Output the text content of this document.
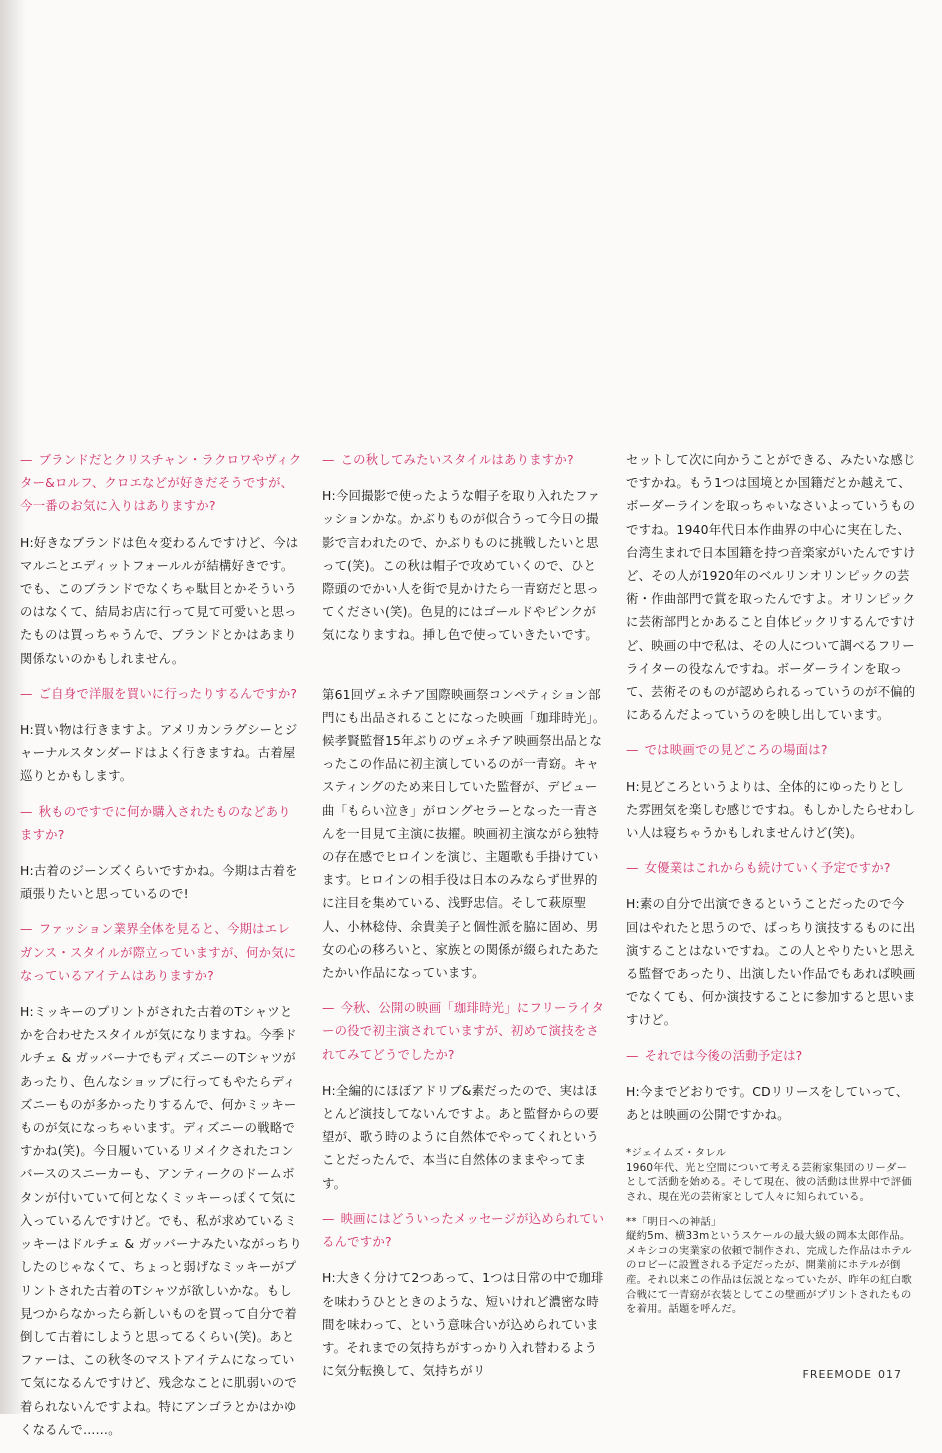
— ブランドだとクリスチャン・ラクロワやヴィクター&ロルフ、クロエなどが好きだそうですが、今一番のお気に入りはありますか?

H:好きなブランドは色々変わるんですけど、今はマルニとエディットフォールルが結構好きです。でも、このブランドでなくちゃ駄目とかそういうのはなくて、結局お店に行って見て可愛いと思ったものは買っちゃうんで、ブランドとかはあまり関係ないのかもしれません。

— ご自身で洋服を買いに行ったりするんですか?

H:買い物は行きますよ。アメリカンラグシーとジャーナルスタンダードはよく行きますね。古着屋巡りとかもします。

— 秋ものですでに何か購入されたものなどありますか?

H:古着のジーンズくらいですかね。今期は古着を頑張りたいと思っているので!

— ファッション業界全体を見ると、今期はエレガンス・スタイルが際立っていますが、何か気になっているアイテムはありますか?

H:ミッキーのプリントがされた古着のTシャツとかを合わせたスタイルが気になりますね。今季ドルチェ & ガッバーナでもディズニーのTシャツがあったり、色んなショップに行ってもやたらディズニーものが多かったりするんで、何かミッキーものが気になっちゃいます。ディズニーの戦略ですかね(笑)。今日履いているリメイクされたコンバースのスニーカーも、アンティークのドームボタンが付いていて何となくミッキーっぽくて気に入っているんですけど。でも、私が求めているミッキーはドルチェ & ガッバーナみたいながっちりしたのじゃなくて、ちょっと弱げなミッキーがプリントされた古着のTシャツが欲しいかな。もし見つからなかったら新しいものを買って自分で着倒して古着にしようと思ってるくらい(笑)。あとファーは、この秋冬のマストアイテムになっていて気になるんですけど、残念なことに肌弱いので着られないんですよね。特にアンゴラとかはかゆくなるんで……。

— この秋してみたいスタイルはありますか?

H:今回撮影で使ったような帽子を取り入れたファッションかな。かぶりものが似合うって今日の撮影で言われたので、かぶりものに挑戦したいと思って(笑)。この秋は帽子で攻めていくので、ひと際頭のでかい人を街で見かけたら一青窈だと思ってください(笑)。色見的にはゴールドやピンクが気になりますね。挿し色で使っていきたいです。

第61回ヴェネチア国際映画祭コンペティション部門にも出品されることになった映画「珈琲時光」。候孝賢監督15年ぶりのヴェネチア映画祭出品となったこの作品に初主演しているのが一青窈。キャスティングのため来日していた監督が、デビュー曲「もらい泣き」がロングセラーとなった一青さんを一目見て主演に抜擢。映画初主演ながら独特の存在感でヒロインを演じ、主題歌も手掛けています。ヒロインの相手役は日本のみならず世界的に注目を集めている、浅野忠信。そして萩原聖人、小林稔侍、余貴美子と個性派を脇に固め、男女の心の移ろいと、家族との関係が綴られたあたたかい作品になっています。

— 今秋、公開の映画「珈琲時光」にフリーライターの役で初主演されていますが、初めて演技をされてみてどうでしたか?

H:全編的にほぼアドリブ&素だったので、実はほとんど演技してないんですよ。あと監督からの要望が、歌う時のように自然体でやってくれということだったんで、本当に自然体のままやってます。

— 映画にはどういったメッセージが込められているんですか?

H:大きく分けて2つあって、1つは日常の中で珈琲を味わうひとときのような、短いけれど濃密な時間を味わって、という意味合いが込められています。それまでの気持ちがすっかり入れ替わるように気分転換して、気持ちがリ

セットして次に向かうことができる、みたいな感じですかね。もう1つは国境とか国籍だとか越えて、ボーダーラインを取っちゃいなさいよっていうものですね。1940年代日本作曲界の中心に実在した、台湾生まれで日本国籍を持つ音楽家がいたんですけど、その人が1920年のベルリンオリンピックの芸術・作曲部門で賞を取ったんですよ。オリンピックに芸術部門とかあること自体ビックリするんですけど、映画の中で私は、その人について調べるフリーライターの役なんですね。ボーダーラインを取って、芸術そのものが認められるっていうのが不偏的にあるんだよっていうのを映し出しています。

— では映画での見どころの場面は?

H:見どころというよりは、全体的にゆったりとした雰囲気を楽しむ感じですね。もしかしたらせわしい人は寝ちゃうかもしれませんけど(笑)。

— 女優業はこれからも続けていく予定ですか?

H:素の自分で出演できるということだったので今回はやれたと思うので、ばっちり演技するものに出演することはないですね。この人とやりたいと思える監督であったり、出演したい作品でもあれば映画でなくても、何か演技することに参加すると思いますけど。

— それでは今後の活動予定は?

H:今までどおりです。CDリリースをしていって、あとは映画の公開ですかね。

*ジェイムズ・タレル

1960年代、光と空間について考える芸術家集団のリーダーとして活動を始める。そして現在、彼の活動は世界中で評価され、現在光の芸術家として人々に知られている。

**「明日への神話」

縦約5m、横33mというスケールの最大級の岡本太郎作品。メキシコの実業家の依頼で制作され、完成した作品はホテルのロビーに設置される予定だったが、開業前にホテルが倒産。それ以来この作品は伝説となっていたが、昨年の紅白歌合戦にて一青窈が衣装としてこの壁画がプリントされたものを着用。話題を呼んだ。

FREEMODE 017
